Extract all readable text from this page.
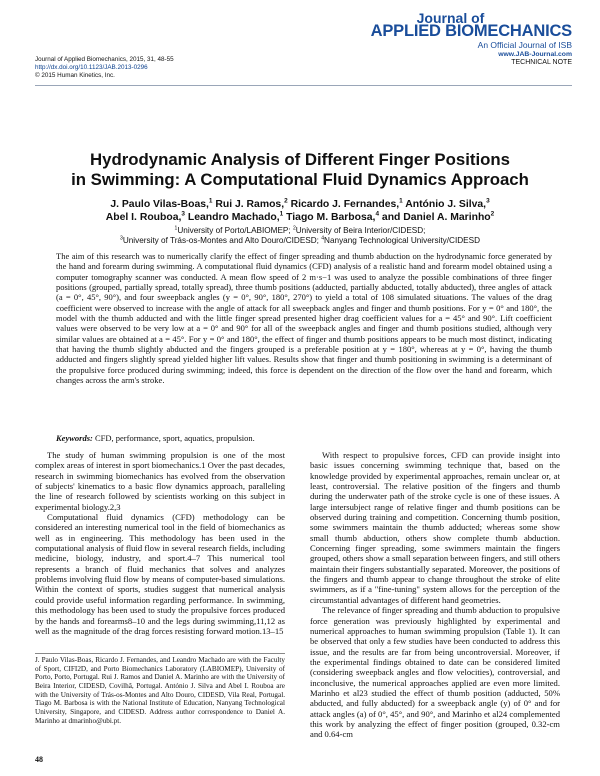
Journal of Applied Biomechanics, 2015, 31, 48-55
http://dx.doi.org/10.1123/JAB.2013-0296
© 2015 Human Kinetics, Inc.
Journal of
APPLIED BIOMECHANICS
An Official Journal of ISB
www.JAB-Journal.com
TECHNICAL NOTE
Hydrodynamic Analysis of Different Finger Positions
in Swimming: A Computational Fluid Dynamics Approach
J. Paulo Vilas-Boas,$^1$ Rui J. Ramos,$^2$ Ricardo J. Fernandes,$^1$ António J. Silva,$^3$
Abel I. Rouboa,$^3$ Leandro Machado,$^1$ Tiago M. Barbosa,$^4$ and Daniel A. Marinho$^2$
$^1$University of Porto/LABIOMEP; $^2$University of Beira Interior/CIDESD;
$^3$University of Trás-os-Montes and Alto Douro/CIDESD; $^4$Nanyang Technological University/CIDESD
The aim of this research was to numerically clarify the effect of finger spreading and thumb abduction on the hydrodynamic force generated by the hand and forearm during swimming. A computational fluid dynamics (CFD) analysis of a realistic hand and forearm model obtained using a computer tomography scanner was conducted. A mean flow speed of 2 m·s−1 was used to analyze the possible combinations of three finger positions (grouped, partially spread, totally spread), three thumb positions (adducted, partially abducted, totally abducted), three angles of attack (a = 0°, 45°, 90°), and four sweepback angles (y = 0°, 90°, 180°, 270°) to yield a total of 108 simulated situations. The values of the drag coefficient were observed to increase with the angle of attack for all sweepback angles and finger and thumb positions. For y = 0° and 180°, the model with the thumb adducted and with the little finger spread presented higher drag coefficient values for a = 45° and 90°. Lift coefficient values were observed to be very low at a = 0° and 90° for all of the sweepback angles and finger and thumb positions studied, although very similar values are obtained at a = 45°. For y = 0° and 180°, the effect of finger and thumb positions appears to be much most distinct, indicating that having the thumb slightly abducted and the fingers grouped is a preferable position at y = 180°, whereas at y = 0°, having the thumb adducted and fingers slightly spread yielded higher lift values. Results show that finger and thumb positioning in swimming is a determinant of the propulsive force produced during swimming; indeed, this force is dependent on the direction of the flow over the hand and forearm, which changes across the arm's stroke.
Keywords: CFD, performance, sport, aquatics, propulsion.

The study of human swimming propulsion is one of the most complex areas of interest in sport biomechanics.1 Over the past decades, research in swimming biomechanics has evolved from the observation of subjects' kinematics to a basic flow dynamics approach, paralleling the line of research followed by scientists working on this subject in experimental biology.2,3

Computational fluid dynamics (CFD) methodology can be considered an interesting numerical tool in the field of biomechanics as well as in engineering. This methodology has been used in the computational analysis of fluid flow in several research fields, including medicine, biology, industry, and sport.4–7 This numerical tool represents a branch of fluid mechanics that solves and analyzes problems involving fluid flow by means of computer-based simulations. Within the context of sports, studies suggest that numerical analysis could provide useful information regarding performance. In swimming, this methodology has been used to study the propulsive forces produced by the hands and forearms8–10 and the legs during swimming,11,12 as well as the magnitude of the drag forces resisting forward motion.13–15

J. Paulo Vilas-Boas, Ricardo J. Fernandes, and Leandro Machado are with the Faculty of Sport, CIFI2D, and Porto Biomechanics Laboratory (LABIOMEP), University of Porto, Porto, Portugal. Rui J. Ramos and Daniel A. Marinho are with the University of Beira Interior, CIDESD, Covilhã, Portugal. António J. Silva and Abel I. Rouboa are with the University of Trás-os-Montes and Alto Douro, CIDESD, Vila Real, Portugal. Tiago M. Barbosa is with the National Institute of Education, Nanyang Technological University, Singapore, and CIDESD. Address author correspondence to Daniel A. Marinho at dmarinho@ubi.pt.

With respect to propulsive forces, CFD can provide insight into basic issues concerning swimming technique that, based on the knowledge provided by experimental approaches, remain unclear or, at least, controversial. The relative position of the fingers and thumb during the underwater path of the stroke cycle is one of these issues. A large intersubject range of relative finger and thumb positions can be observed during training and competition. Concerning thumb position, some swimmers maintain the thumb adducted; whereas some show small thumb abduction, others show complete thumb abduction. Concerning finger spreading, some swimmers maintain the fingers grouped, others show a small separation between fingers, and still others maintain their fingers substantially separated. Moreover, the positions of the fingers and thumb appear to change throughout the stroke of elite swimmers, as if a "fine-tuning" system allows for the perception of the circumstantial advantages of different hand geometries.

The relevance of finger spreading and thumb abduction to propulsive force generation was previously highlighted by experimental and numerical approaches to human swimming propulsion (Table 1). It can be observed that only a few studies have been conducted to address this issue, and the results are far from being uncontroversial. Moreover, if the experimental findings obtained to date can be considered limited (considering sweepback angles and flow velocities), controversial, and inconclusive, the numerical approaches applied are even more limited. Marinho et al23 studied the effect of thumb position (adducted, 50% abducted, and fully abducted) for a sweepback angle (y) of 0° and for attack angles (a) of 0°, 45°, and 90°, and Marinho et al24 complemented this work by analyzing the effect of finger position (grouped, 0.32-cm and 0.64-cm

48
